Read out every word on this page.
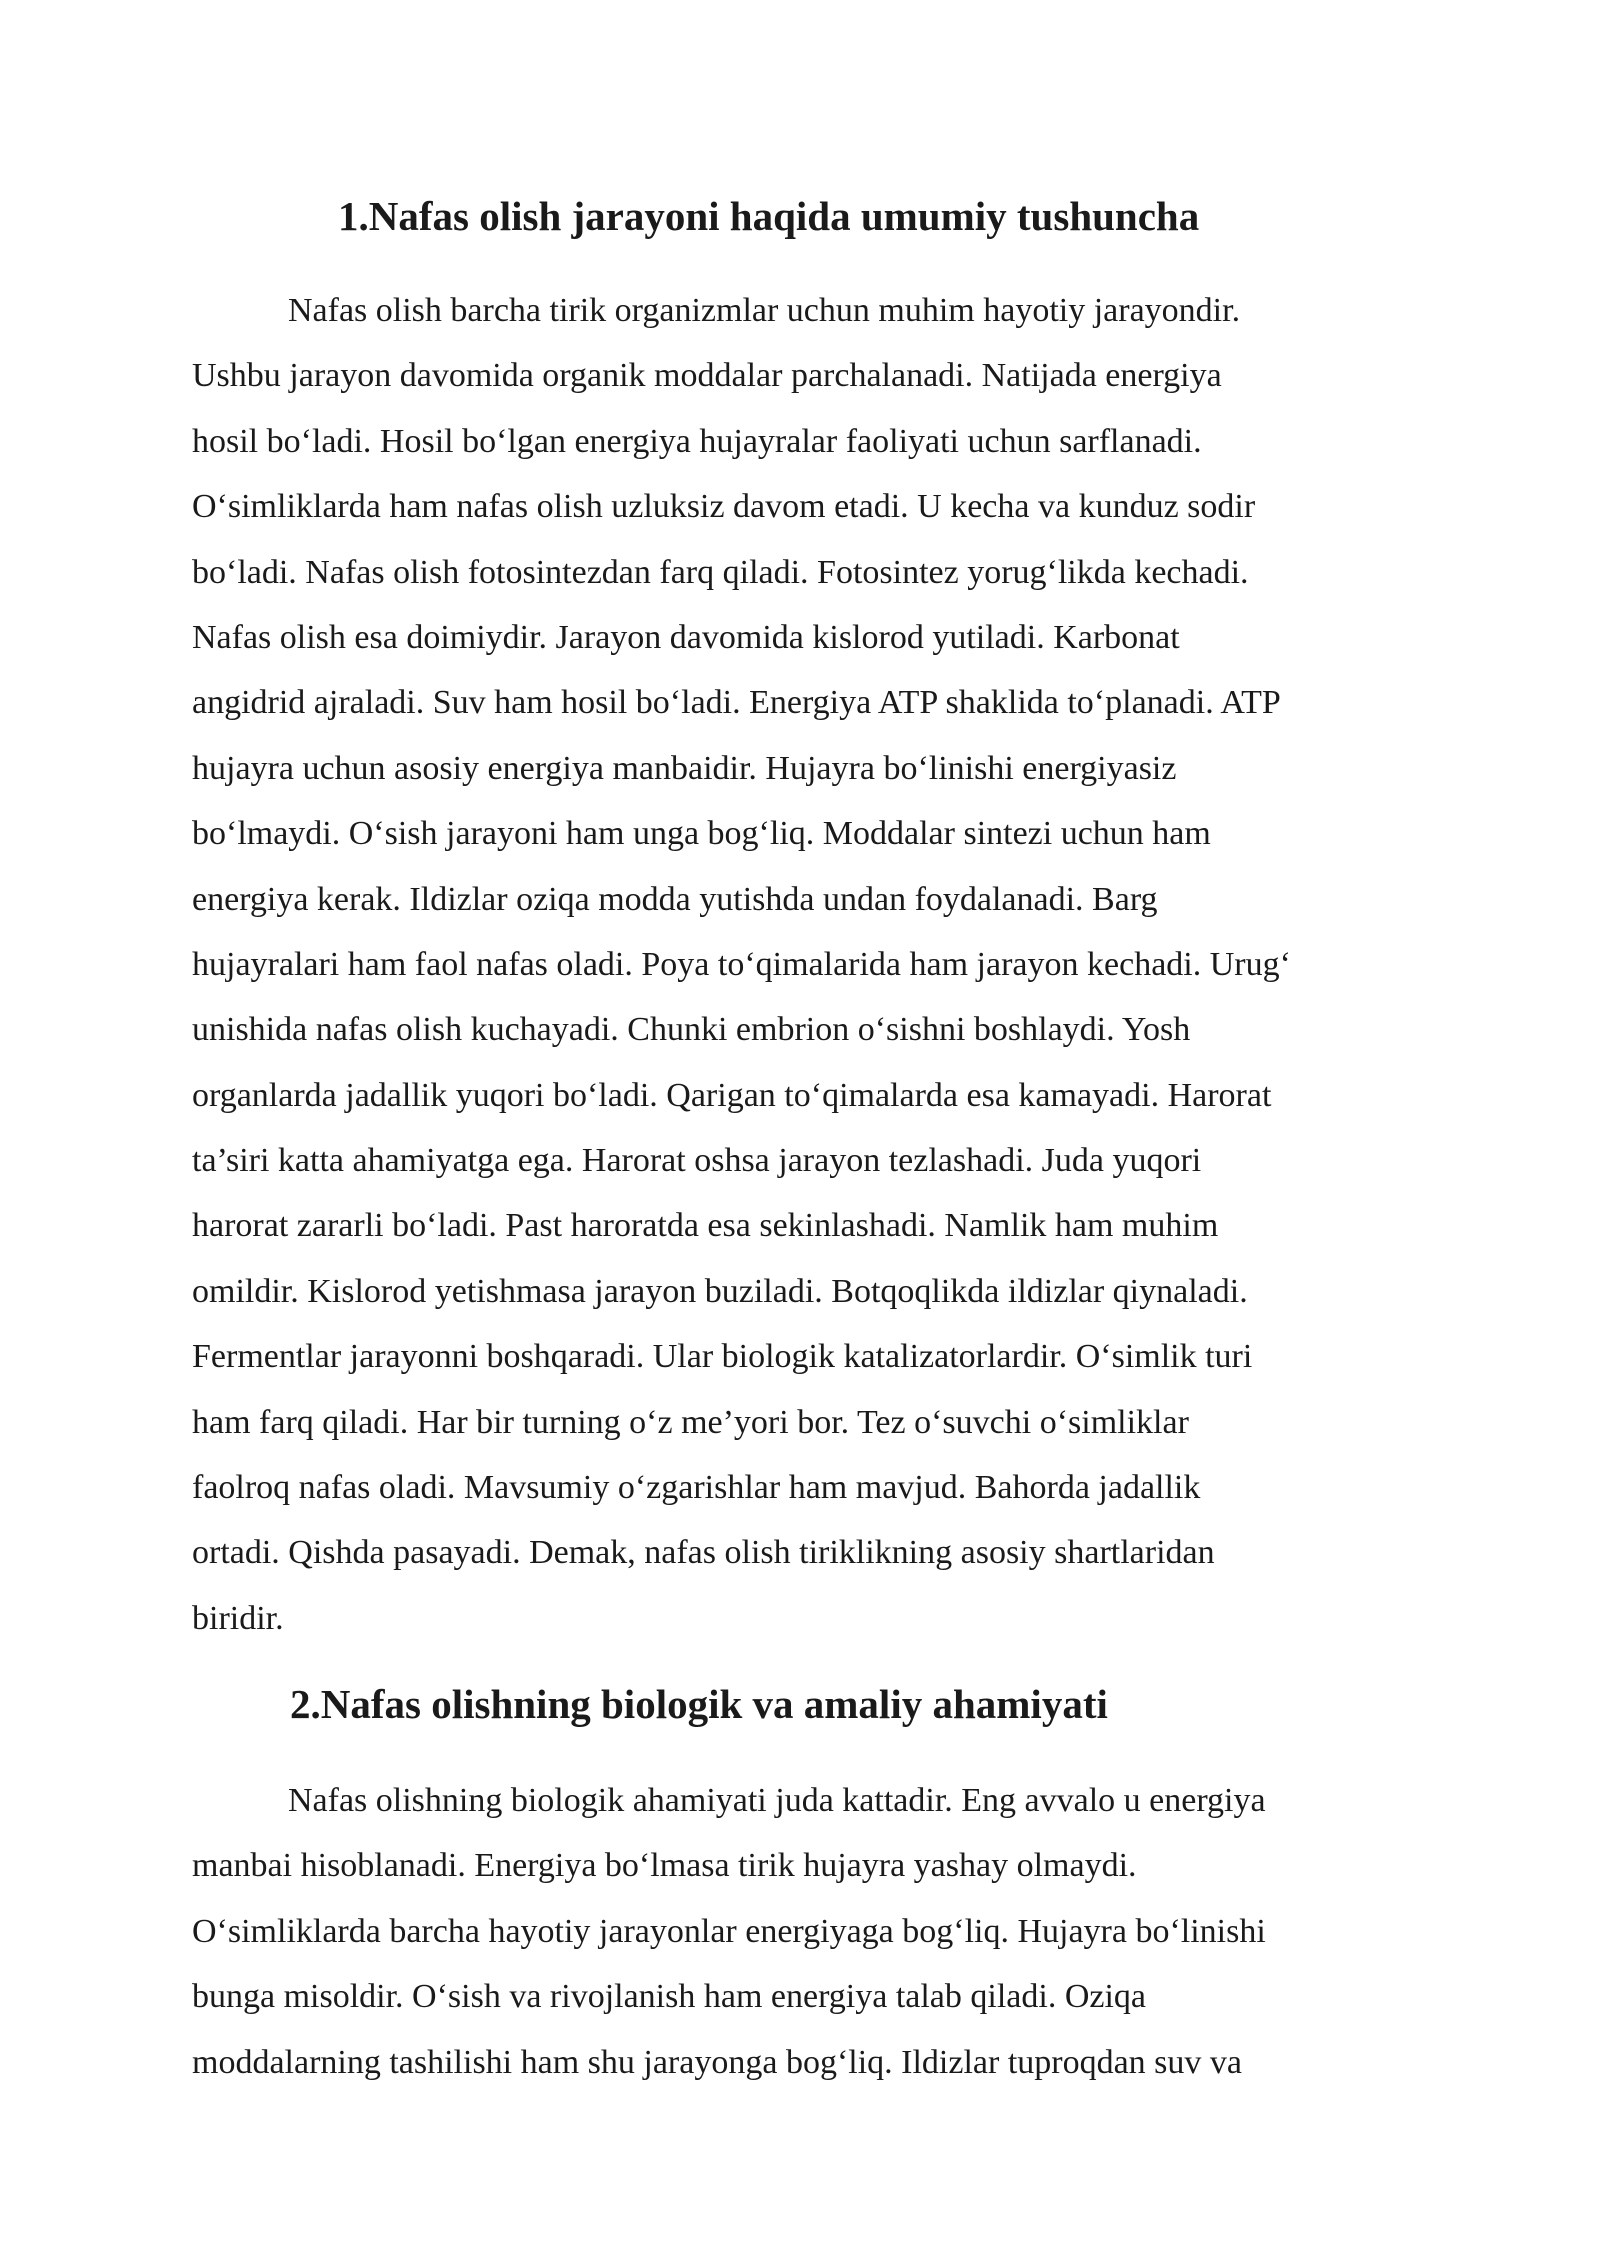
1.Nafas olish jarayoni haqida umumiy tushuncha
Nafas olish barcha tirik organizmlar uchun muhim hayotiy jarayondir.
Ushbu jarayon davomida organik moddalar parchalanadi. Natijada energiya
hosil bo‘ladi. Hosil bo‘lgan energiya hujayralar faoliyati uchun sarflanadi.
O‘simliklarda ham nafas olish uzluksiz davom etadi. U kecha va kunduz sodir
bo‘ladi. Nafas olish fotosintezdan farq qiladi. Fotosintez yorug‘likda kechadi.
Nafas olish esa doimiydir. Jarayon davomida kislorod yutiladi. Karbonat
angidrid ajraladi. Suv ham hosil bo‘ladi. Energiya ATP shaklida to‘planadi. ATP
hujayra uchun asosiy energiya manbaidir. Hujayra bo‘linishi energiyasiz
bo‘lmaydi. O‘sish jarayoni ham unga bog‘liq. Moddalar sintezi uchun ham
energiya kerak. Ildizlar oziqa modda yutishda undan foydalanadi. Barg
hujayralari ham faol nafas oladi. Poya to‘qimalarida ham jarayon kechadi. Urug‘
unishida nafas olish kuchayadi. Chunki embrion o‘sishni boshlaydi. Yosh
organlarda jadallik yuqori bo‘ladi. Qarigan to‘qimalarda esa kamayadi. Harorat
ta’siri katta ahamiyatga ega. Harorat oshsa jarayon tezlashadi. Juda yuqori
harorat zararli bo‘ladi. Past haroratda esa sekinlashadi. Namlik ham muhim
omildir. Kislorod yetishmasa jarayon buziladi. Botqoqlikda ildizlar qiynaladi.
Fermentlar jarayonni boshqaradi. Ular biologik katalizatorlardir. O‘simlik turi
ham farq qiladi. Har bir turning o‘z me’yori bor. Tez o‘suvchi o‘simliklar
faolroq nafas oladi. Mavsumiy o‘zgarishlar ham mavjud. Bahorda jadallik
ortadi. Qishda pasayadi. Demak, nafas olish tiriklikning asosiy shartlaridan
biridir.
2.Nafas olishning biologik va amaliy ahamiyati
Nafas olishning biologik ahamiyati juda kattadir. Eng avvalo u energiya
manbai hisoblanadi. Energiya bo‘lmasa tirik hujayra yashay olmaydi.
O‘simliklarda barcha hayotiy jarayonlar energiyaga bog‘liq. Hujayra bo‘linishi
bunga misoldir. O‘sish va rivojlanish ham energiya talab qiladi. Oziqa
moddalarning tashilishi ham shu jarayonga bog‘liq. Ildizlar tuproqdan suv va
